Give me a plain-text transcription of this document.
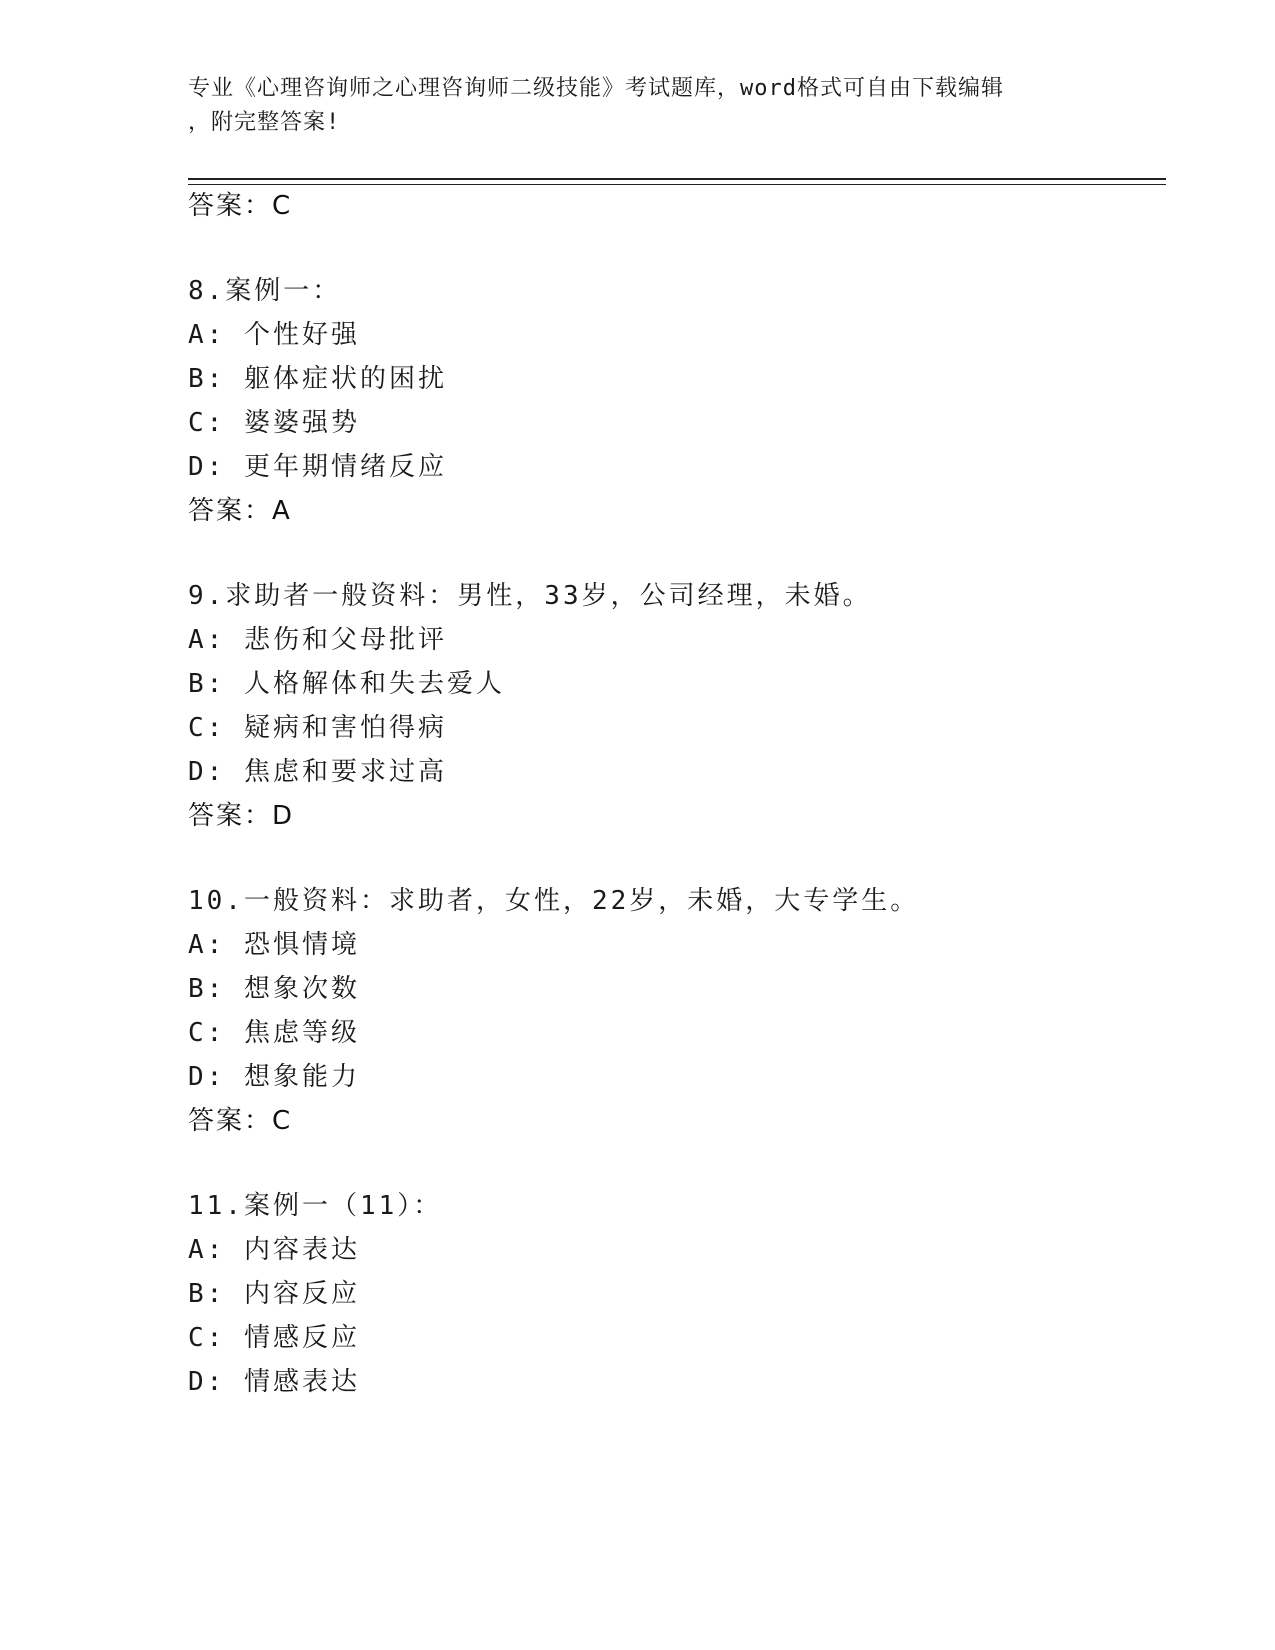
专业《心理咨询师之心理咨询师二级技能》考试题库，word格式可自由下载编辑
，附完整答案!
答案：C
8.案例一：
A: 个性好强
B: 躯体症状的困扰
C: 婆婆强势
D: 更年期情绪反应
答案：A
9.求助者一般资料：男性，33岁，公司经理，未婚。
A: 悲伤和父母批评
B: 人格解体和失去爱人
C: 疑病和害怕得病
D: 焦虑和要求过高
答案：D
10.一般资料：求助者，女性，22岁，未婚，大专学生。
A: 恐惧情境
B: 想象次数
C: 焦虑等级
D: 想象能力
答案：C
11.案例一（11）：
A: 内容表达
B: 内容反应
C: 情感反应
D: 情感表达
